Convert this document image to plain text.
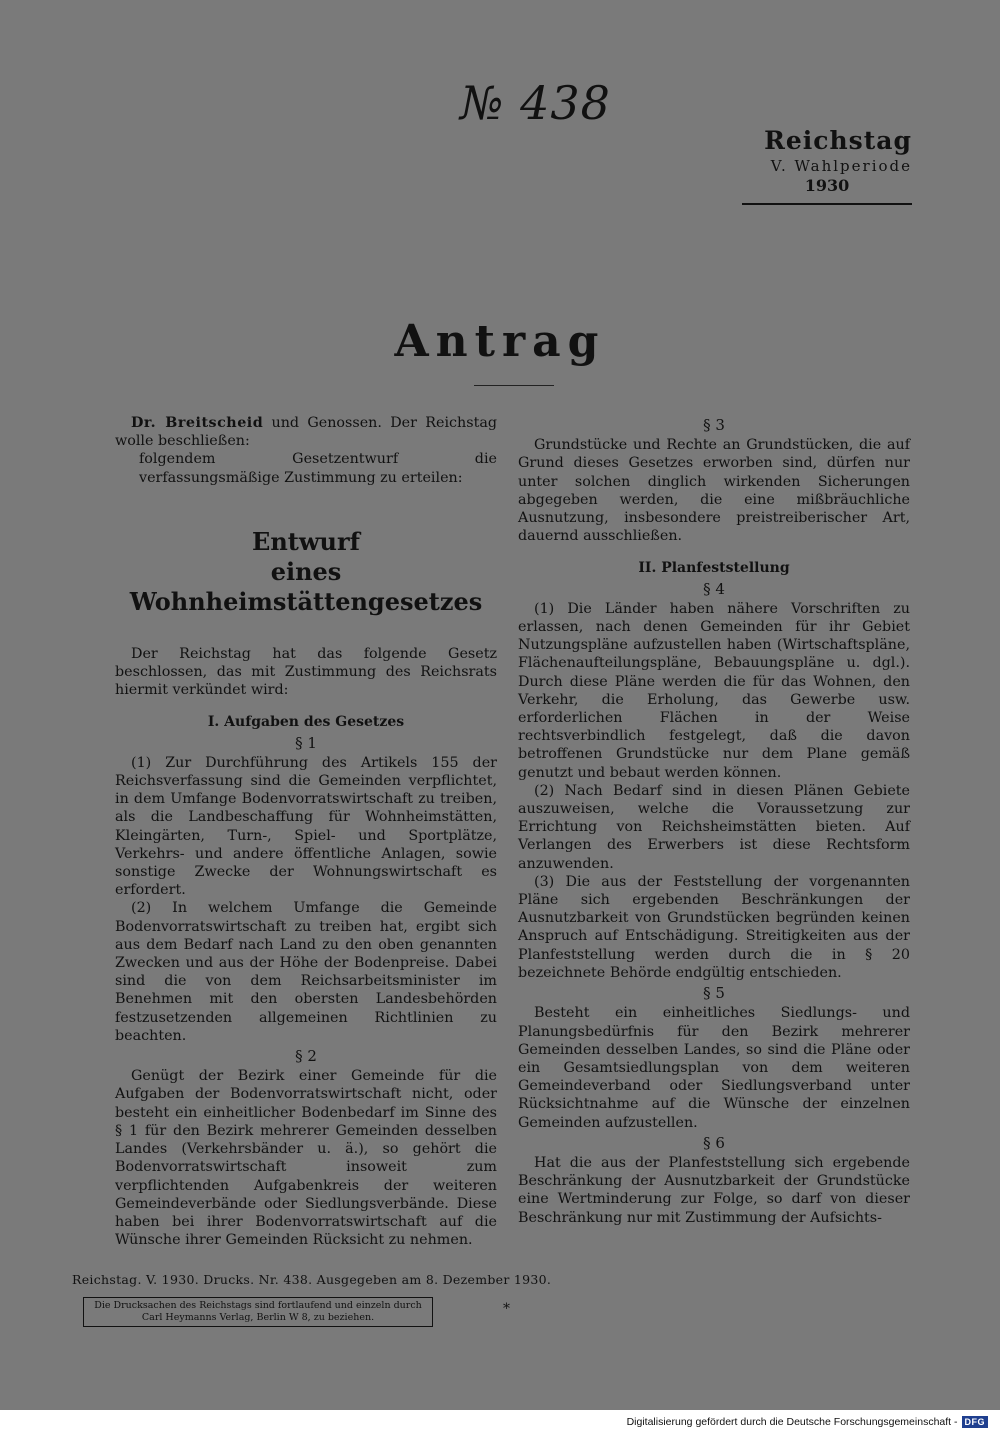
№ 438
Reichstag
V. Wahlperiode
1930
Antrag

Dr. Breitscheid und Genossen. Der Reichstag wolle beschließen:

folgendem Gesetzentwurf die verfassungsmäßige Zustimmung zu erteilen:

Entwurf
eines Wohnheimstättengesetzes

Der Reichstag hat das folgende Gesetz beschlossen, das mit Zustimmung des Reichsrats hiermit verkündet wird:

I. Aufgaben des Gesetzes

§ 1

(1) Zur Durchführung des Artikels 155 der Reichsverfassung sind die Gemeinden verpflichtet, in dem Umfange Bodenvorratswirtschaft zu treiben, als die Landbeschaffung für Wohnheimstätten, Kleingärten, Turn-, Spiel- und Sportplätze, Verkehrs- und andere öffentliche Anlagen, sowie sonstige Zwecke der Wohnungswirtschaft es erfordert.

(2) In welchem Umfange die Gemeinde Bodenvorratswirtschaft zu treiben hat, ergibt sich aus dem Bedarf nach Land zu den oben genannten Zwecken und aus der Höhe der Bodenpreise. Dabei sind die von dem Reichsarbeitsminister im Benehmen mit den obersten Landesbehörden festzusetzenden allgemeinen Richtlinien zu beachten.

§ 2

Genügt der Bezirk einer Gemeinde für die Aufgaben der Bodenvorratswirtschaft nicht, oder besteht ein einheitlicher Bodenbedarf im Sinne des § 1 für den Bezirk mehrerer Gemeinden desselben Landes (Verkehrsbänder u. ä.), so gehört die Bodenvorratswirtschaft insoweit zum verpflichtenden Aufgabenkreis der weiteren Gemeindeverbände oder Siedlungsverbände. Diese haben bei ihrer Bodenvorratswirtschaft auf die Wünsche ihrer Gemeinden Rücksicht zu nehmen.

§ 3

Grundstücke und Rechte an Grundstücken, die auf Grund dieses Gesetzes erworben sind, dürfen nur unter solchen dinglich wirkenden Sicherungen abgegeben werden, die eine mißbräuchliche Ausnutzung, insbesondere preistreiberischer Art, dauernd ausschließen.

II. Planfeststellung

§ 4

(1) Die Länder haben nähere Vorschriften zu erlassen, nach denen Gemeinden für ihr Gebiet Nutzungspläne aufzustellen haben (Wirtschaftspläne, Flächenaufteilungspläne, Bebauungspläne u. dgl.). Durch diese Pläne werden die für das Wohnen, den Verkehr, die Erholung, das Gewerbe usw. erforderlichen Flächen in der Weise rechtsverbindlich festgelegt, daß die davon betroffenen Grundstücke nur dem Plane gemäß genutzt und bebaut werden können.

(2) Nach Bedarf sind in diesen Plänen Gebiete auszuweisen, welche die Voraussetzung zur Errichtung von Reichsheimstätten bieten. Auf Verlangen des Erwerbers ist diese Rechtsform anzuwenden.

(3) Die aus der Feststellung der vorgenannten Pläne sich ergebenden Beschränkungen der Ausnutzbarkeit von Grundstücken begründen keinen Anspruch auf Entschädigung. Streitigkeiten aus der Planfeststellung werden durch die in § 20 bezeichnete Behörde endgültig entschieden.

§ 5

Besteht ein einheitliches Siedlungs- und Planungsbedürfnis für den Bezirk mehrerer Gemeinden desselben Landes, so sind die Pläne oder ein Gesamtsiedlungsplan von dem weiteren Gemeindeverband oder Siedlungsverband unter Rücksichtnahme auf die Wünsche der einzelnen Gemeinden aufzustellen.

§ 6

Hat die aus der Planfeststellung sich ergebende Beschränkung der Ausnutzbarkeit der Grundstücke eine Wertminderung zur Folge, so darf von dieser Beschränkung nur mit Zustimmung der Aufsichts-

Reichstag. V. 1930. Drucks. Nr. 438. Ausgegeben am 8. Dezember 1930.
Die Drucksachen des Reichstags sind fortlaufend und einzeln durch Carl Heymanns Verlag, Berlin W 8, zu beziehen.
*
Digitalisierung gefördert durch die Deutsche Forschungsgemeinschaft - DFG
